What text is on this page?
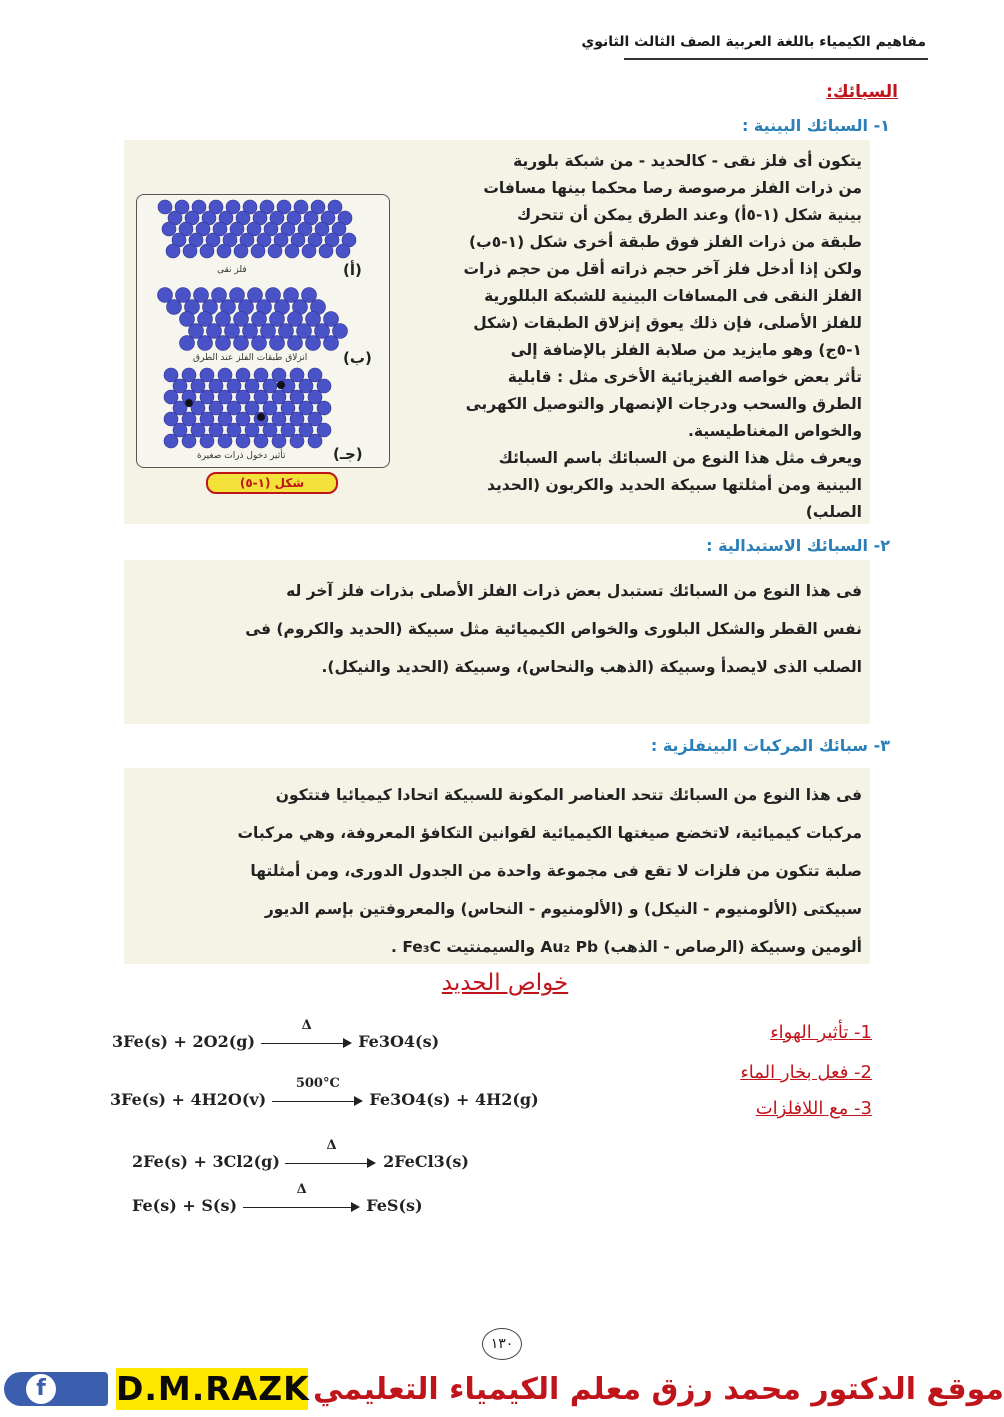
مفاهيم الكيمياء باللغة العربية الصف الثالث الثانوي
السبائك:
١- السبائك البينية :
يتكون أى فلز نقى - كالحديد - من شبكة بلورية
من ذرات الفلز مرصوصة رصا محكما بينها مسافات
بينية شكل (١-٥أ) وعند الطرق يمكن أن تتحرك
طبقة من ذرات الفلز فوق طبقة أخرى شكل (١-٥ب)
ولكن إذا أدخل فلز آخر حجم ذراته أقل من حجم ذرات
الفلز النقى فى المسافات البينية للشبكة البللورية
للفلز الأصلى، فإن ذلك يعوق إنزلاق الطبقات (شكل
١-٥ج) وهو مايزيد من صلابة الفلز بالإضافة إلى
تأثر بعض خواصه الفيزيائية الأخرى مثل : قابلية
الطرق والسحب ودرجات الإنصهار والتوصيل الكهربى
والخواص المغناطيسية.
ويعرف مثل هذا النوع من السبائك باسم السبائك
البينية ومن أمثلتها سبيكة الحديد والكربون (الحديد
الصلب)
فلز نقى	(أ)
انزلاق طبقات الفلز عند الطرق (ب)
تأثير دخول ذرات صغيرة	(جـ)
شكل (١-٥)
٢- السبائك الاستبدالية :
فى هذا النوع من السبائك تستبدل بعض ذرات الفلز الأصلى بذرات فلز آخر له
نفس القطر والشكل البلورى والخواص الكيميائية مثل سبيكة (الحديد والكروم) فى
الصلب الذى لايصدأ وسبيكة (الذهب والنحاس)، وسبيكة (الحديد والنيكل).
٣- سبائك المركبات البينفلزية :
فى هذا النوع من السبائك تتحد العناصر المكونة للسبيكة اتحادا كيميائيا فتتكون
مركبات كيميائية، لاتخضع صيغتها الكيميائية لقوانين التكافؤ المعروفة، وهي مركبات
صلبة تتكون من فلزات لا تقع فى مجموعة واحدة من الجدول الدورى، ومن أمثلتها
سبيكتى (الألومنيوم - النيكل) و (الألومنيوم - النحاس) والمعروفتين بإسم الديور
ألومين وسبيكة (الرصاص - الذهب) Au₂ Pb والسيمنتيت Fe₃C .
خواص الحديد
1- تأثير الهواء
2- فعل بخار الماء
3- مع اللافلزات
3Fe(s) + 2O2(g)
Δ
Fe3O4(s)
3Fe(s) + 4H2O(v)
500°C
Fe3O4(s) + 4H2(g)
2Fe(s) + 3Cl2(g)
Δ
2FeCl3(s)
Fe(s) + S(s)
Δ
FeS(s)
١٣٠
موقع الدكتور محمد رزق معلم الكيمياء التعليمي
D.M.RAZK
f
